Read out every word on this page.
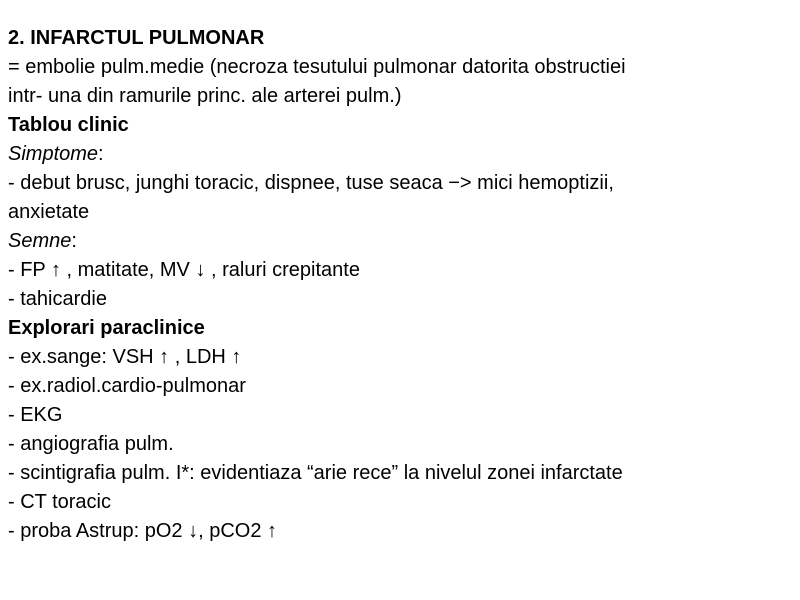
2. INFARCTUL PULMONAR
= embolie pulm.medie (necroza tesutului pulmonar datorita obstructiei
intr- una din ramurile princ. ale arterei pulm.)
Tablou clinic
Simptome:
- debut brusc, junghi toracic, dispnee, tuse seaca −> mici hemoptizii,
anxietate
Semne:
- FP ↑ , matitate, MV ↓ , raluri crepitante
- tahicardie
Explorari paraclinice
- ex.sange: VSH ↑ , LDH ↑
- ex.radiol.cardio-pulmonar
- EKG
- angiografia pulm.
- scintigrafia pulm. I*: evidentiaza “arie rece” la nivelul zonei infarctate
- CT toracic
- proba Astrup: pO2 ↓, pCO2 ↑
